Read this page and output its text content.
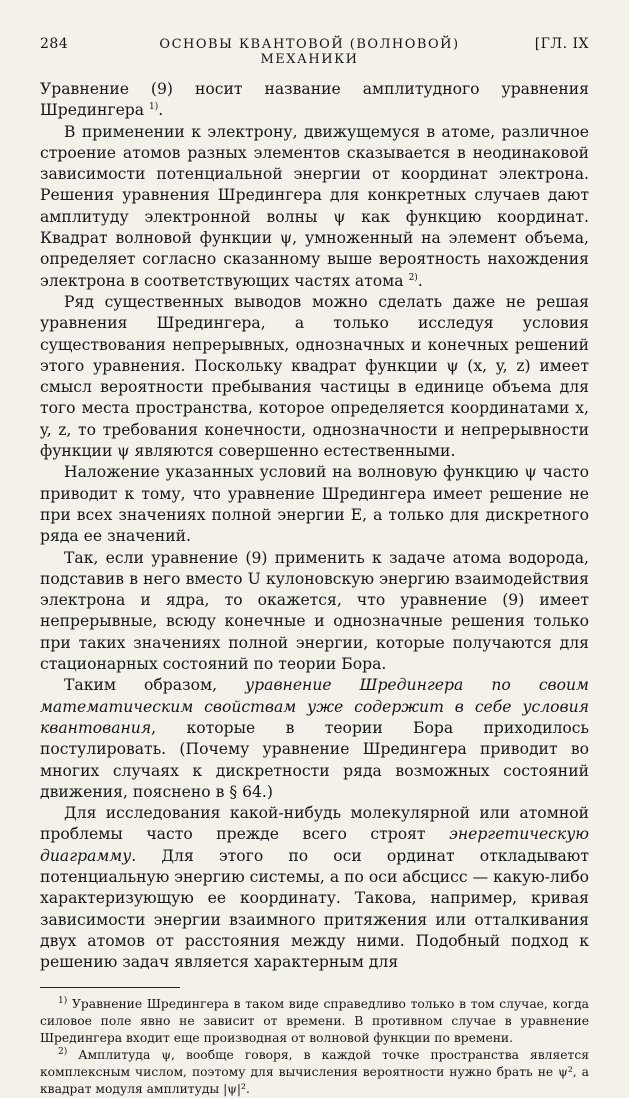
284	ОСНОВЫ КВАНТОВОЙ (ВОЛНОВОЙ) МЕХАНИКИ
[ГЛ. IX

Уравнение (9) носит название амплитудного уравнения Шредингера $^{1)}$.

В применении к электрону, движущемуся в атоме, различное строение атомов разных элементов сказывается в неодинаковой зависимости потенциальной энергии от координат электрона. Решения уравнения Шредингера для конкретных случаев дают амплитуду электронной волны ψ как функцию координат. Квадрат волновой функции ψ, умноженный на элемент объема, определяет согласно сказанному выше вероятность нахождения электрона в соответствующих частях атома $^{2)}$.

Ряд существенных выводов можно сделать даже не решая уравнения Шредингера, а только исследуя условия существования непрерывных, однозначных и конечных решений этого уравнения. Поскольку квадрат функции ψ (x, y, z) имеет смысл вероятности пребывания частицы в единице объема для того места пространства, которое определяется координатами x, y, z, то требования конечности, однозначности и непрерывности функции ψ являются совершенно естественными.

Наложение указанных условий на волновую функцию ψ часто приводит к тому, что уравнение Шредингера имеет решение не при всех значениях полной энергии E, а только для дискретного ряда ее значений.

Так, если уравнение (9) применить к задаче атома водорода, подставив в него вместо U кулоновскую энергию взаимодействия электрона и ядра, то окажется, что уравнение (9) имеет непрерывные, всюду конечные и однозначные решения только при таких значениях полной энергии, которые получаются для стационарных состояний по теории Бора.

Таким образом, уравнение Шредингера по своим математическим свойствам уже содержит в себе условия квантования, которые в теории Бора приходилось постулировать. (Почему уравнение Шредингера приводит во многих случаях к дискретности ряда возможных состояний движения, пояснено в § 64.)

Для исследования какой-нибудь молекулярной или атомной проблемы часто прежде всего строят энергетическую диаграмму. Для этого по оси ординат откладывают потенциальную энергию системы, а по оси абсцисс — какую-либо характеризующую ее координату. Такова, например, кривая зависимости энергии взаимного притяжения или отталкивания двух атомов от расстояния между ними. Подобный подход к решению задач является характерным для

$^{1)}$ Уравнение Шредингера в таком виде справедливо только в том случае, когда силовое поле явно не зависит от времени. В противном случае в уравнение Шредингера входит еще производная от волновой функции по времени.

$^{2)}$ Амплитуда ψ, вообще говоря, в каждой точке пространства является комплексным числом, поэтому для вычисления вероятности нужно брать не ψ², а квадрат модуля амплитуды |ψ|².
